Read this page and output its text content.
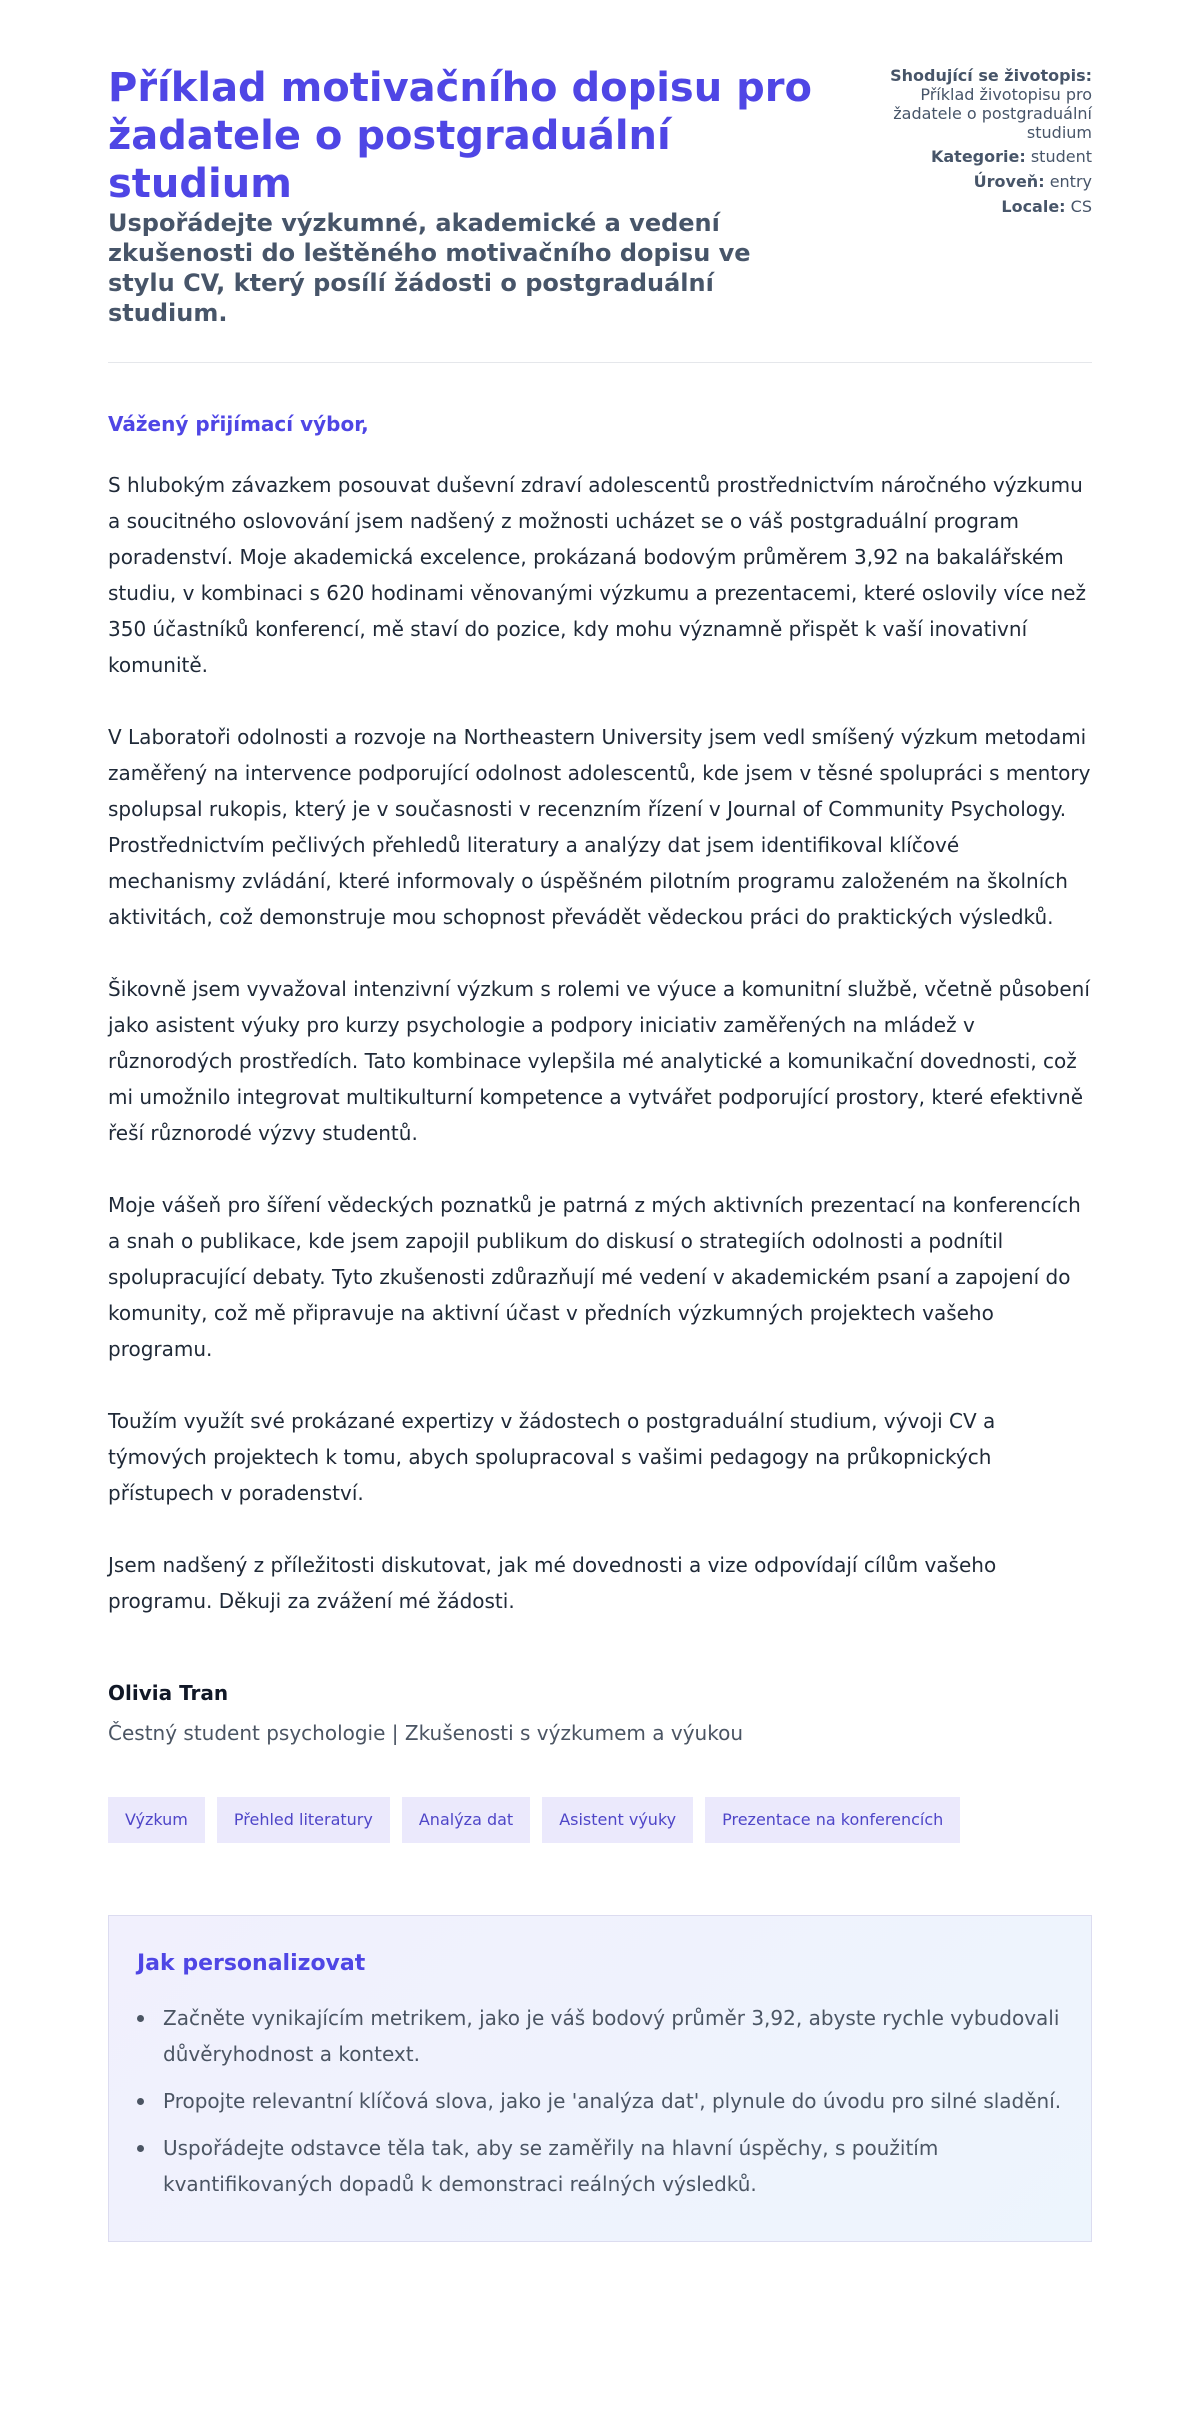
Příklad motivačního dopisu pro žadatele o postgraduální studium

Uspořádejte výzkumné, akademické a vedení zkušenosti do leštěného motivačního dopisu ve stylu CV, který posílí žádosti o postgraduální studium.

Shodující se životopis: Příklad životopisu pro žadatele o postgraduální studium
Kategorie: student
Úroveň: entry
Locale: CS
Vážený přijímací výbor,

S hlubokým závazkem posouvat duševní zdraví adolescentů prostřednictvím náročného výzkumu a soucitného oslovování jsem nadšený z možnosti ucházet se o váš postgraduální program poradenství. Moje akademická excelence, prokázaná bodovým průměrem 3,92 na bakalářském studiu, v kombinaci s 620 hodinami věnovanými výzkumu a prezentacemi, které oslovily více než 350 účastníků konferencí, mě staví do pozice, kdy mohu významně přispět k vaší inovativní komunitě.

V Laboratoři odolnosti a rozvoje na Northeastern University jsem vedl smíšený výzkum metodami zaměřený na intervence podporující odolnost adolescentů, kde jsem v těsné spolupráci s mentory spolupsal rukopis, který je v současnosti v recenzním řízení v Journal of Community Psychology. Prostřednictvím pečlivých přehledů literatury a analýzy dat jsem identifikoval klíčové mechanismy zvládání, které informovaly o úspěšném pilotním programu založeném na školních aktivitách, což demonstruje mou schopnost převádět vědeckou práci do praktických výsledků.

Šikovně jsem vyvažoval intenzivní výzkum s rolemi ve výuce a komunitní službě, včetně působení jako asistent výuky pro kurzy psychologie a podpory iniciativ zaměřených na mládež v různorodých prostředích. Tato kombinace vylepšila mé analytické a komunikační dovednosti, což mi umožnilo integrovat multikulturní kompetence a vytvářet podporující prostory, které efektivně řeší různorodé výzvy studentů.

Moje vášeň pro šíření vědeckých poznatků je patrná z mých aktivních prezentací na konferencích a snah o publikace, kde jsem zapojil publikum do diskusí o strategiích odolnosti a podnítil spolupracující debaty. Tyto zkušenosti zdůrazňují mé vedení v akademickém psaní a zapojení do komunity, což mě připravuje na aktivní účast v předních výzkumných projektech vašeho programu.

Toužím využít své prokázané expertizy v žádostech o postgraduální studium, vývoji CV a týmových projektech k tomu, abych spolupracoval s vašimi pedagogy na průkopnických přístupech v poradenství.

Jsem nadšený z příležitosti diskutovat, jak mé dovednosti a vize odpovídají cílům vašeho programu. Děkuji za zvážení mé žádosti.

Olivia Tran
Čestný student psychologie | Zkušenosti s výzkumem a výukou
Výzkum	Přehled literatury	Analýza dat	Asistent výuky	Prezentace na konferencích
Jak personalizovat
Začněte vynikajícím metrikem, jako je váš bodový průměr 3,92, abyste rychle vybudovali důvěryhodnost a kontext.
Propojte relevantní klíčová slova, jako je 'analýza dat', plynule do úvodu pro silné sladění.
Uspořádejte odstavce těla tak, aby se zaměřily na hlavní úspěchy, s použitím kvantifikovaných dopadů k demonstraci reálných výsledků.
